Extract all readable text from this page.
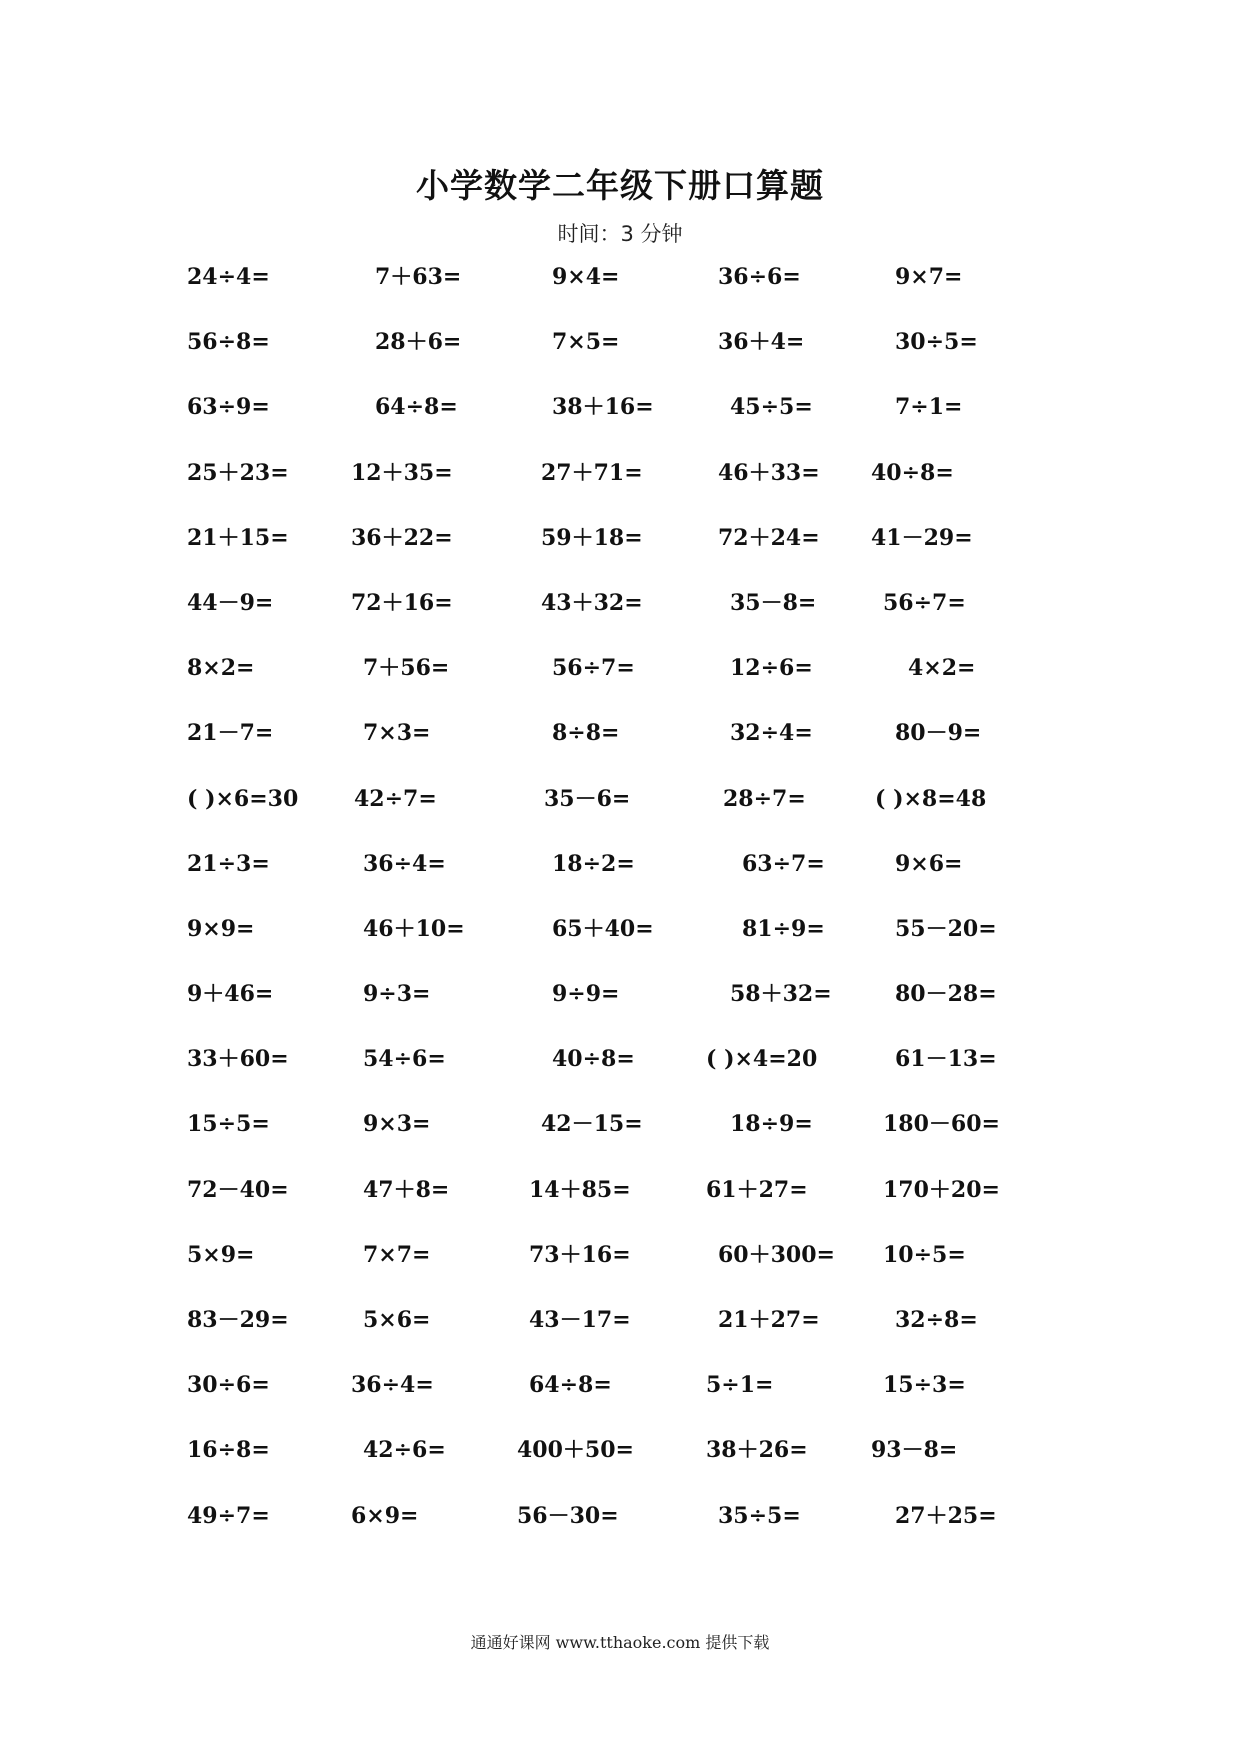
小学数学二年级下册口算题
时间：3 分钟
24÷4=	7＋63=	9×4=	36÷6=	9×7=
56÷8=	28＋6=	7×5=	36＋4=	30÷5=
63÷9=	64÷8=	38＋16=	45÷5=	7÷1=
25＋23=	12＋35=	27＋71=	46＋33= 40÷8=
21＋15=	36＋22=	59＋18=	72＋24= 41－29=
44－9=	72＋16=	43＋32=	35－8=	56÷7=
8×2=	7＋56=	56÷7=	12÷6=	4×2=
21－7=	7×3=	8÷8=	32÷4=	80－9=
( )×6=30	42÷7=	35－6=	28÷7=	( )×8=48
21÷3=	36÷4=	18÷2=	63÷7=	9×6=
9×9=	46＋10=	65＋40=	81÷9=	55－20=
9＋46=	9÷3=	9÷9=	58＋32=	80－28=
33＋60=	54÷6=	40÷8=	( )×4=20	61－13=
15÷5=	9×3=	42－15=	18÷9=	180－60=
72－40=	47＋8=	14＋85=	61＋27=	170＋20=
5×9=	7×7=	73＋16=	60＋300= 10÷5=
83－29=	5×6=	43－17=	21＋27=	32÷8=
30÷6=	36÷4=	64÷8=	5÷1=	15÷3=
16÷8=	42÷6=	400＋50=	38＋26=	93－8=
49÷7=	6×9=	56－30=	35÷5=	27＋25=
通通好课网 www.tthaoke.com 提供下载
